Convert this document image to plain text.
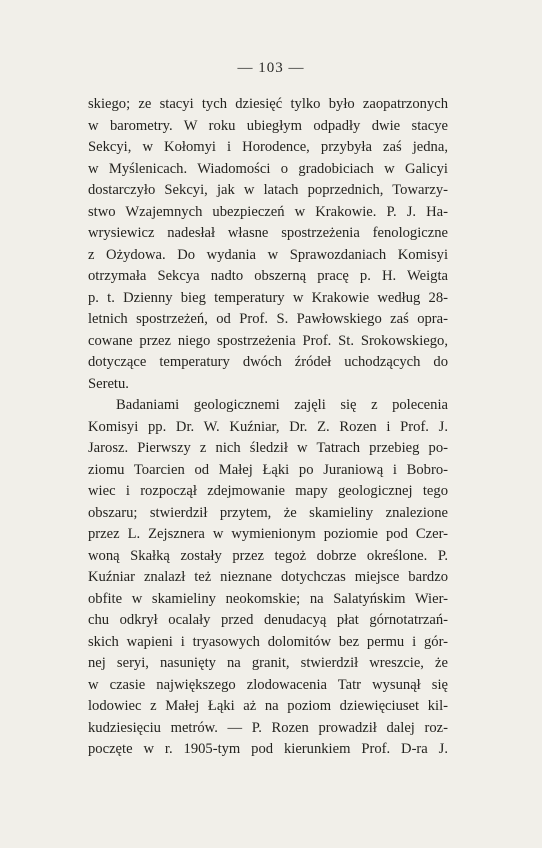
— 103 —
skiego; ze stacyi tych dziesięć tylko było zaopatrzonych
w barometry. W roku ubiegłym odpadły dwie stacye
Sekcyi, w Kołomyi i Horodence, przybyła zaś jedna,
w Myślenicach. Wiadomości o gradobiciach w Galicyi
dostarczyło Sekcyi, jak w latach poprzednich, Towarzy-
stwo Wzajemnych ubezpieczeń w Krakowie. P. J. Ha-
wrysiewicz nadesłał własne spostrzeżenia fenologiczne
z Ożydowa. Do wydania w Sprawozdaniach Komisyi
otrzymała Sekcya nadto obszerną pracę p. H. Weigta
p. t. Dzienny bieg temperatury w Krakowie według 28-
letnich spostrzeżeń, od Prof. S. Pawłowskiego zaś opra-
cowane przez niego spostrzeżenia Prof. St. Srokowskiego,
dotyczące temperatury dwóch źródeł uchodzących do
Seretu.
Badaniami geologicznemi zajęli się z polecenia
Komisyi pp. Dr. W. Kuźniar, Dr. Z. Rozen i Prof. J.
Jarosz. Pierwszy z nich śledził w Tatrach przebieg po-
ziomu Toarcien od Małej Łąki po Juraniową i Bobro-
wiec i rozpoczął zdejmowanie mapy geologicznej tego
obszaru; stwierdził przytem, że skamieliny znalezione
przez L. Zejsznera w wymienionym poziomie pod Czer-
woną Skałką zostały przez tegoż dobrze określone. P.
Kuźniar znalazł też nieznane dotychczas miejsce bardzo
obfite w skamieliny neokomskie; na Salatyńskim Wier-
chu odkrył ocalały przed denudacyą płat górnotatrzań-
skich wapieni i tryasowych dolomitów bez permu i gór-
nej seryi, nasunięty na granit, stwierdził wreszcie, że
w czasie największego zlodowacenia Tatr wysunął się
lodowiec z Małej Łąki aż na poziom dziewięciuset kil-
kudziesięciu metrów. — P. Rozen prowadził dalej roz-
poczęte w r. 1905-tym pod kierunkiem Prof. D-ra J.
